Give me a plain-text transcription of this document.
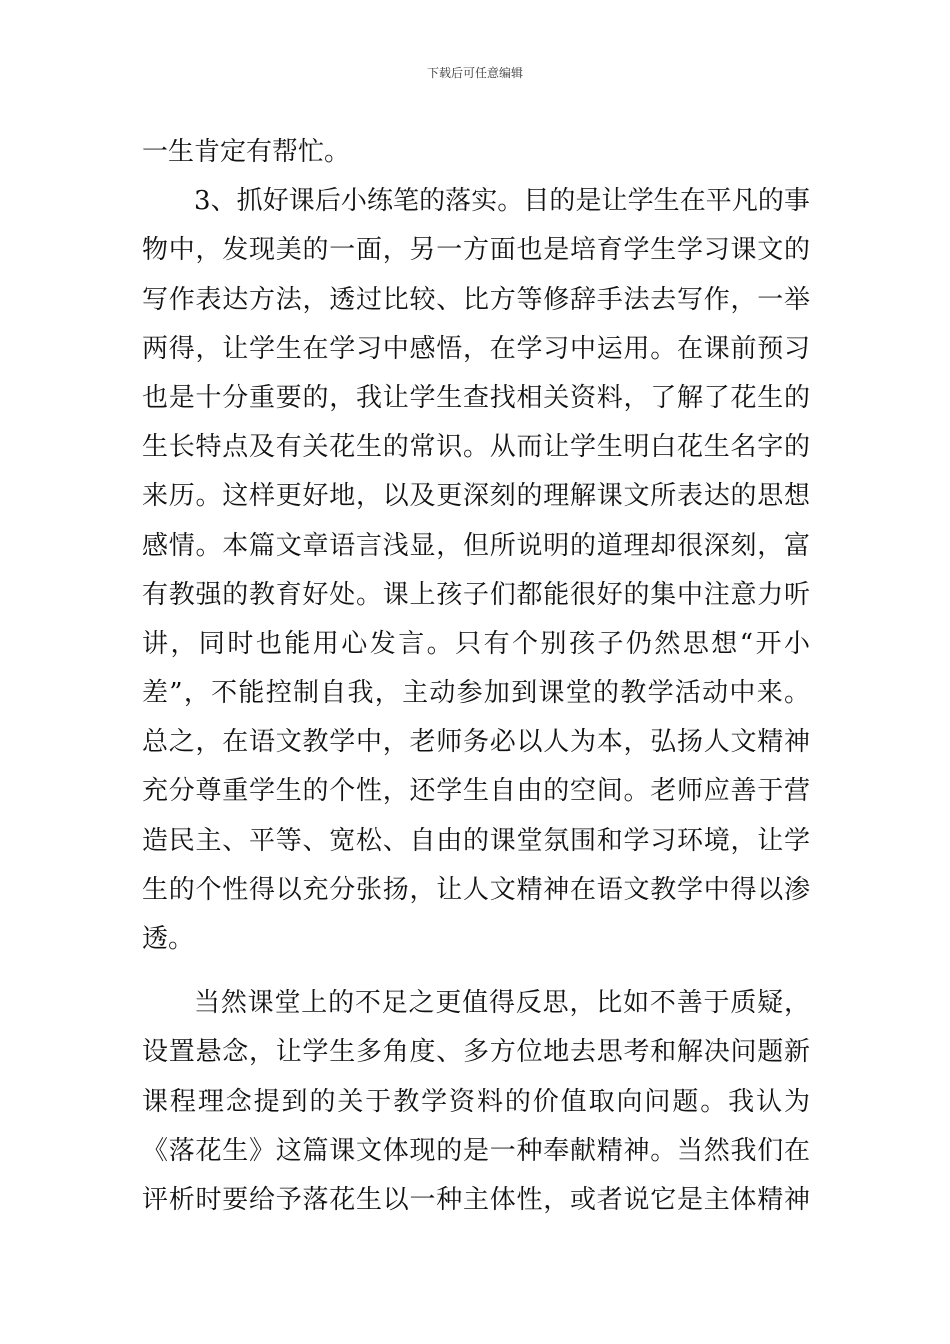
下载后可任意编辑
一生肯定有帮忙。
3、抓好课后小练笔的落实。目的是让学生在平凡的事
物中，发现美的一面，另一方面也是培育学生学习课文的
写作表达方法，透过比较、比方等修辞手法去写作，一举
两得，让学生在学习中感悟，在学习中运用。在课前预习
也是十分重要的，我让学生查找相关资料，了解了花生的
生长特点及有关花生的常识。从而让学生明白花生名字的
来历。这样更好地，以及更深刻的理解课文所表达的思想
感情。本篇文章语言浅显，但所说明的道理却很深刻，富
有教强的教育好处。课上孩子们都能很好的集中注意力听
讲，同时也能用心发言。只有个别孩子仍然思想“开小
差”，不能控制自我，主动参加到课堂的教学活动中来。
总之，在语文教学中，老师务必以人为本，弘扬人文精神
充分尊重学生的个性，还学生自由的空间。老师应善于营
造民主、平等、宽松、自由的课堂氛围和学习环境，让学
生的个性得以充分张扬，让人文精神在语文教学中得以渗
透。
当然课堂上的不足之更值得反思，比如不善于质疑，
设置悬念，让学生多角度、多方位地去思考和解决问题新
课程理念提到的关于教学资料的价值取向问题。我认为
《落花生》这篇课文体现的是一种奉献精神。当然我们在
评析时要给予落花生以一种主体性，或者说它是主体精神
